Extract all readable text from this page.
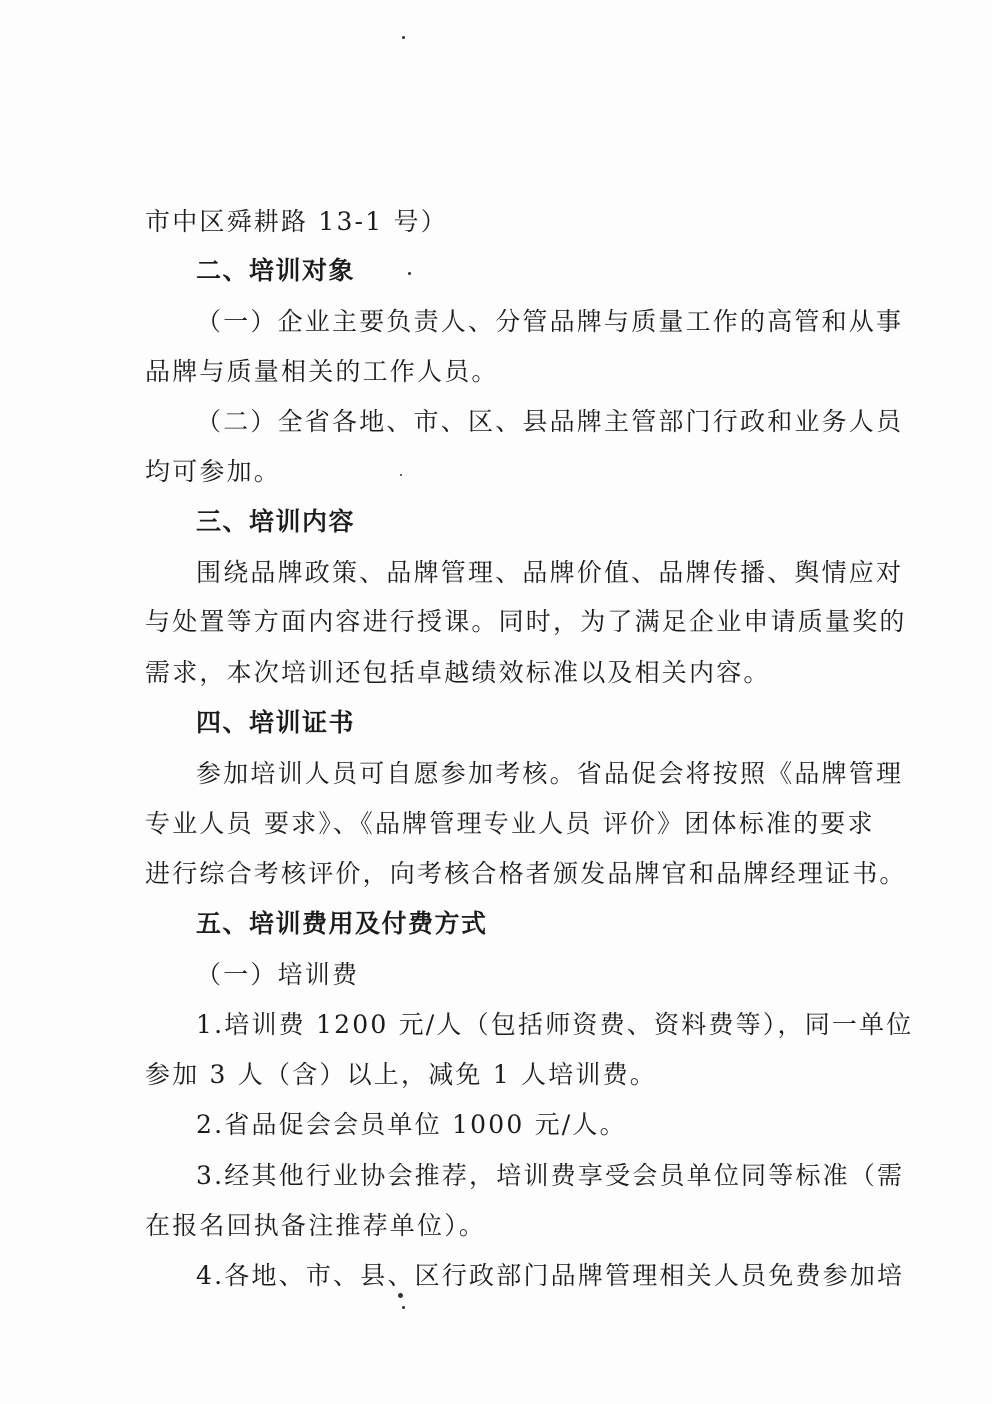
市中区舜耕路 13-1 号）
二、培训对象
（一）企业主要负责人、分管品牌与质量工作的高管和从事
品牌与质量相关的工作人员。
（二）全省各地、市、区、县品牌主管部门行政和业务人员
均可参加。
三、培训内容
围绕品牌政策、品牌管理、品牌价值、品牌传播、舆情应对
与处置等方面内容进行授课。同时，为了满足企业申请质量奖的
需求，本次培训还包括卓越绩效标准以及相关内容。
四、培训证书
参加培训人员可自愿参加考核。省品促会将按照《品牌管理
专业人员 要求》、《品牌管理专业人员 评价》团体标准的要求
进行综合考核评价，向考核合格者颁发品牌官和品牌经理证书。
五、培训费用及付费方式
（一）培训费
1.培训费 1200 元/人（包括师资费、资料费等），同一单位
参加 3 人（含）以上，减免 1 人培训费。
2.省品促会会员单位 1000 元/人。
3.经其他行业协会推荐，培训费享受会员单位同等标准（需
在报名回执备注推荐单位）。
4.各地、市、县、区行政部门品牌管理相关人员免费参加培
